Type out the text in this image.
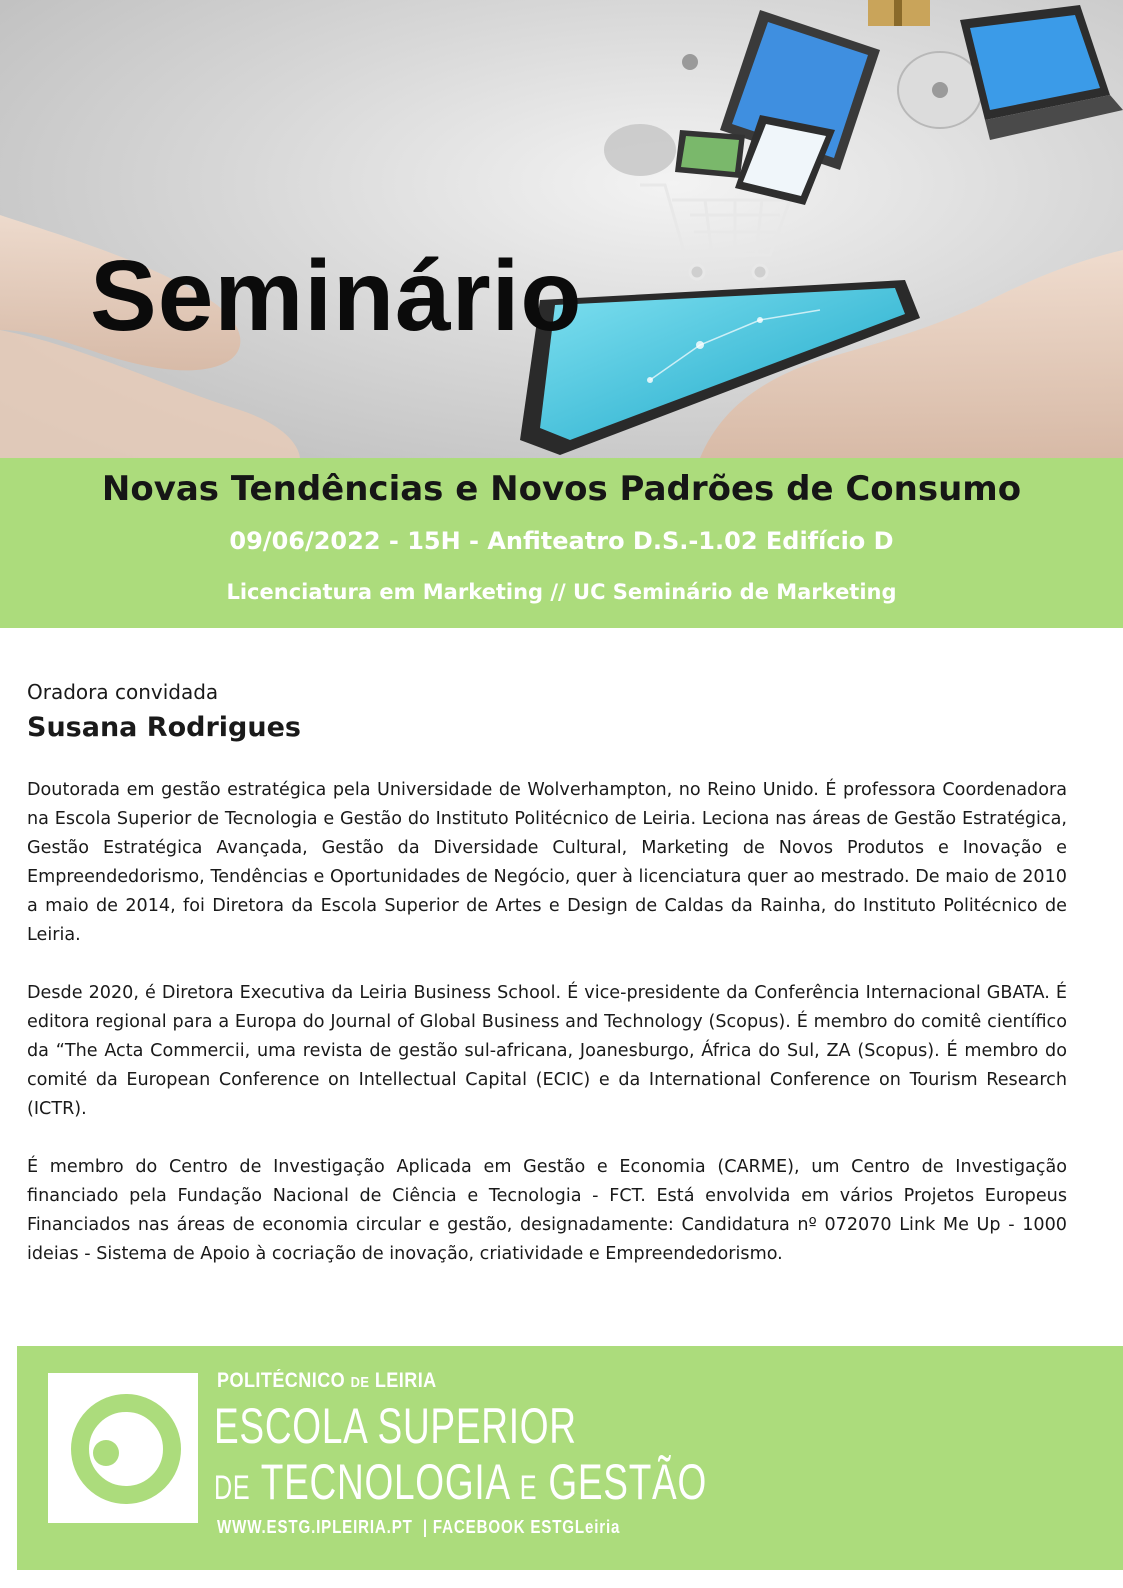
Seminário
Novas Tendências e Novos Padrões de Consumo
09/06/2022 - 15H - Anfiteatro D.S.-1.02 Edifício D
Licenciatura em Marketing // UC Seminário de Marketing
Oradora convidada
Susana Rodrigues

Doutorada em gestão estratégica pela Universidade de Wolverhampton, no Reino Unido. É professora Coordenadora na Escola Superior de Tecnologia e Gestão do Instituto Politécnico de Leiria. Leciona nas áreas de Gestão Estratégica, Gestão Estratégica Avançada, Gestão da Diversidade Cultural, Marketing de Novos Produtos e Inovação e Empreendedorismo, Tendências e Oportunidades de Negócio, quer à licenciatura quer ao mestrado. De maio de 2010 a maio de 2014, foi Diretora da Escola Superior de Artes e Design de Caldas da Rainha, do Instituto Politécnico de Leiria.

Desde 2020, é Diretora Executiva da Leiria Business School. É vice-presidente da Conferência Internacional GBATA. É editora regional para a Europa do Journal of Global Business and Technology (Scopus). É membro do comitê científico da “The Acta Commercii, uma revista de gestão sul-africana, Joanesburgo, África do Sul, ZA (Scopus). É membro do comité da European Conference on Intellectual Capital (ECIC) e da International Conference on Tourism Research (ICTR).

É membro do Centro de Investigação Aplicada em Gestão e Economia (CARME), um Centro de Investigação financiado pela Fundação Nacional de Ciência e Tecnologia - FCT. Está envolvida em vários Projetos Europeus Financiados nas áreas de economia circular e gestão, designadamente: Candidatura nº 072070 Link Me Up - 1000 ideias - Sistema de Apoio à cocriação de inovação, criatividade e Empreendedorismo.

POLITÉCNICO DE LEIRIA
ESCOLA SUPERIOR
DE TECNOLOGIA E GESTÃO
WWW.ESTG.IPLEIRIA.PT | FACEBOOK ESTGLeiria
